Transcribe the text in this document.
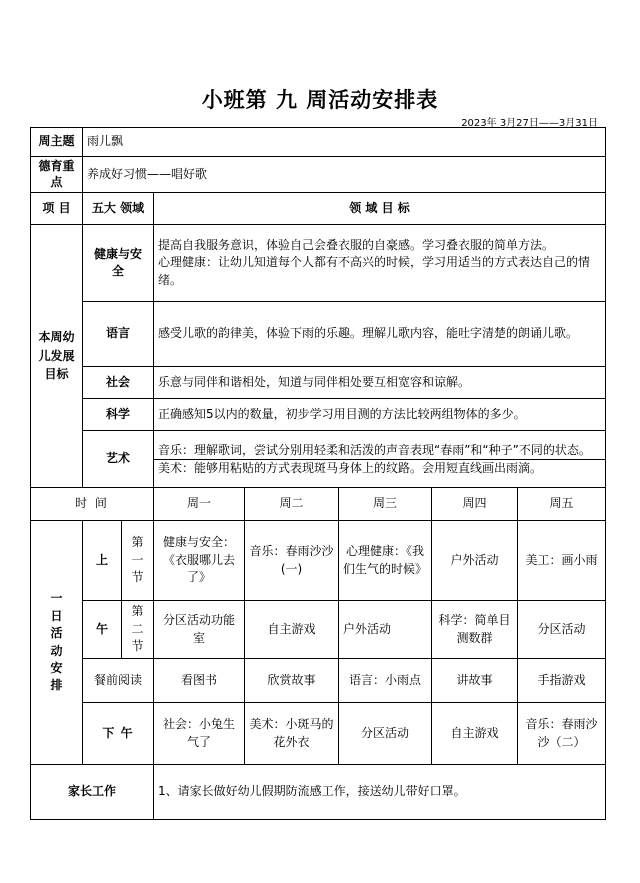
小班第 九 周活动安排表
2023年 3月27日——3月31日
周主题	雨儿飘						
德育重点	养成好习惯——唱好歌						
项 目	五大 领域		领 域 目 标				
本周幼儿发展目标	健康与安全		提高自我服务意识，体验自己会叠衣服的自豪感。学习叠衣服的简单方法。
心理健康：让幼儿知道每个人都有不高兴的时候，学习用适当的方式表达自己的情绪。				

	语言		感受儿歌的韵律美，体验下雨的乐趣。理解儿歌内容，能吐字清楚的朗诵儿歌。				
	社会		乐意与同伴和谐相处，知道与同伴相处要互相宽容和谅解。				
	科学		正确感知5以内的数量，初步学习用目测的方法比较两组物体的多少。				
	艺术		音乐：理解歌词，尝试分别用轻柔和活泼的声音表现“春雨”和“种子”不同的状态。
美术：能够用粘贴的方式表现斑马身体上的纹路。会用短直线画出雨滴。				

时 间			周一	周二	周三	周四	周五
一日活动安排	上	第一节	健康与安全：《衣服哪儿去了》	音乐：春雨沙沙(一)	心理健康：《我们生气的时候》	户外活动	美工：画小雨
	午	第二节	分区活动功能室	自主游戏	户外活动	科学：简单目测数群	分区活动
	餐前阅读		看图书	欣赏故事	语言：小雨点	讲故事	手指游戏
	下 午		社会：小兔生气了	美术：小斑马的花外衣	分区活动	自主游戏	音乐：春雨沙沙（二）
家长工作			1、请家长做好幼儿假期防流感工作，接送幼儿带好口罩。				
